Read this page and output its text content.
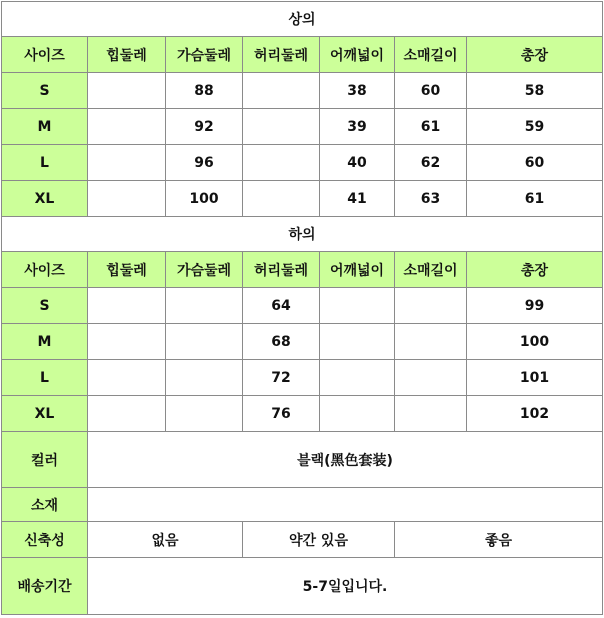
상의						
사이즈	힙둘레	가슴둘레	허리둘레	어깨넓이	소매길이	총장
S		88		38	60	58
M		92		39	61	59
L		96		40	62	60
XL		100		41	63	61
하의						
사이즈	힙둘레	가슴둘레	허리둘레	어깨넓이	소매길이	총장
S			64			99
M			68			100
L			72			101
XL			76			102
컬러	블랙(黑色套装)					
소재						
신축성	없음		약간 있음		좋음	
배송기간	5-7일입니다.					
